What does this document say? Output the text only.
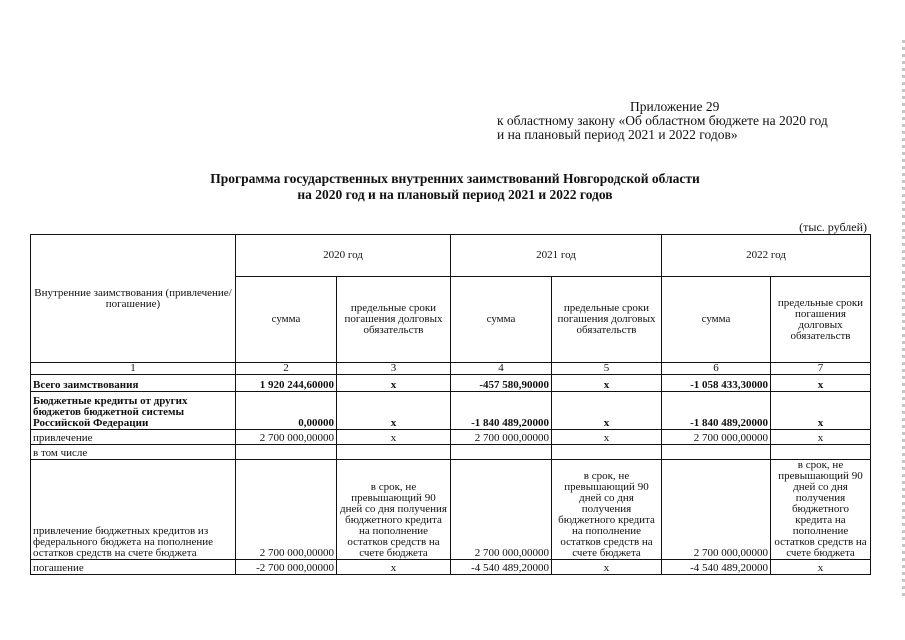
Приложение 29
к областному закону «Об областном бюджете на 2020 год
и на плановый период 2021 и 2022 годов»
Программа государственных внутренних заимствований Новгородской области
на 2020 год и на плановый период 2021 и 2022 годов
(тыс. рублей)
Внутренние заимствования (привлечение/погашение)	2020 год		2021 год		2022 год	
	сумма	предельные сроки погашения долговых обязательств	сумма	предельные сроки погашения долговых обязательств	сумма	предельные сроки погашения долговых обязательств
1	2	3	4	5	6	7
Всего заимствования	1 920 244,60000	х	-457 580,90000	х	-1 058 433,30000	х
Бюджетные кредиты от других бюджетов бюджетной системы Российской Федерации	0,00000	х	-1 840 489,20000	х	-1 840 489,20000	х
привлечение	2 700 000,00000	х	2 700 000,00000	х	2 700 000,00000	х
в том числе						
привлечение бюджетных кредитов из федерального бюджета на пополнение остатков средств на счете бюджета	2 700 000,00000	в срок, не превышающий 90 дней со дня получения бюджетного кредита на пополнение остатков средств на счете бюджета	2 700 000,00000	в срок, не превышающий 90 дней со дня получения бюджетного кредита на пополнение остатков средств на счете бюджета	2 700 000,00000	в срок, не превышающий 90 дней со дня получения бюджетного кредита на пополнение остатков средств на счете бюджета
погашение	-2 700 000,00000	х	-4 540 489,20000	х	-4 540 489,20000	х
